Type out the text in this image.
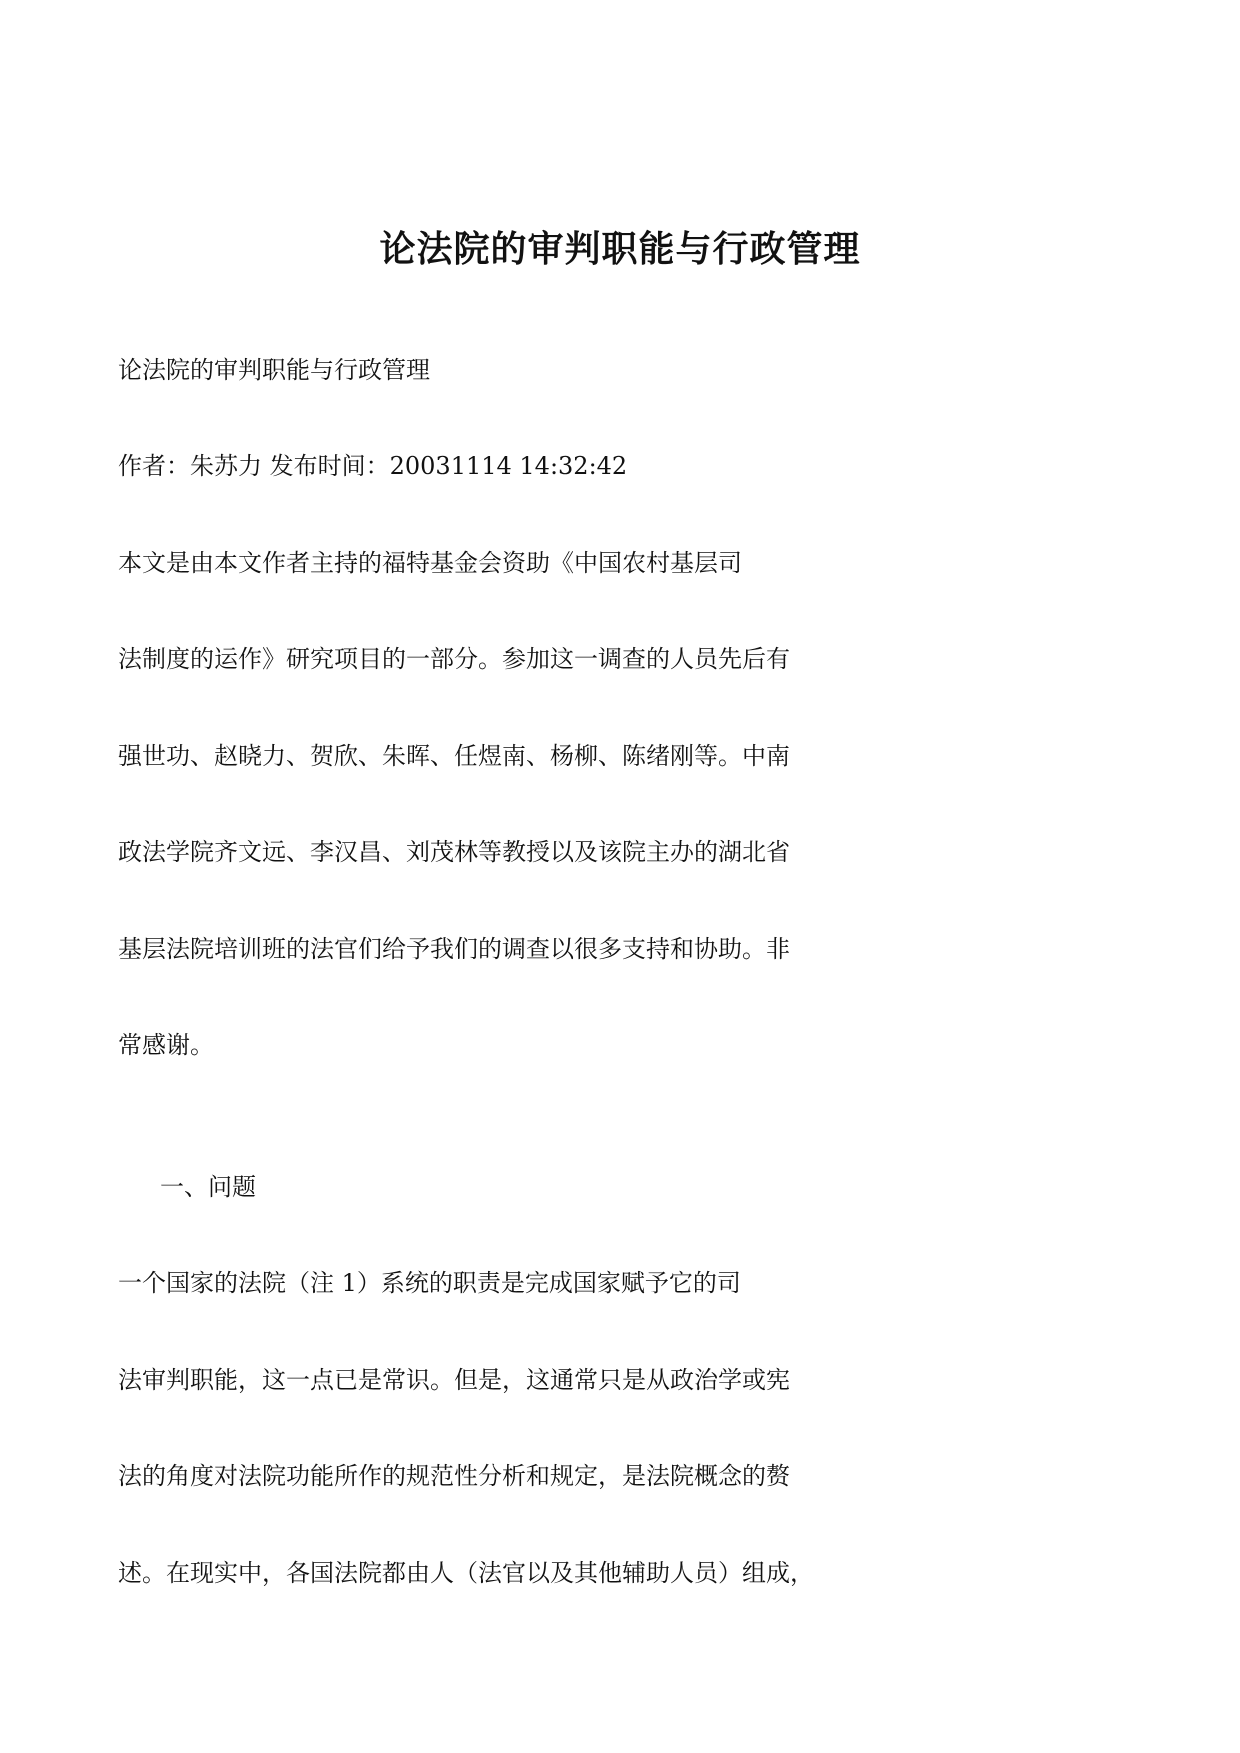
论法院的审判职能与行政管理
论法院的审判职能与行政管理
作者：朱苏力 发布时间：20031114 14:32:42
本文是由本文作者主持的福特基金会资助《中国农村基层司
法制度的运作》研究项目的一部分。参加这一调查的人员先后有
强世功、赵晓力、贺欣、朱晖、任煜南、杨柳、陈绪刚等。中南
政法学院齐文远、李汉昌、刘茂林等教授以及该院主办的湖北省
基层法院培训班的法官们给予我们的调查以很多支持和协助。非
常感谢。
一、问题
一个国家的法院（注 1）系统的职责是完成国家赋予它的司
法审判职能，这一点已是常识。但是，这通常只是从政治学或宪
法的角度对法院功能所作的规范性分析和规定，是法院概念的赘
述。在现实中，各国法院都由人（法官以及其他辅助人员）组成，
